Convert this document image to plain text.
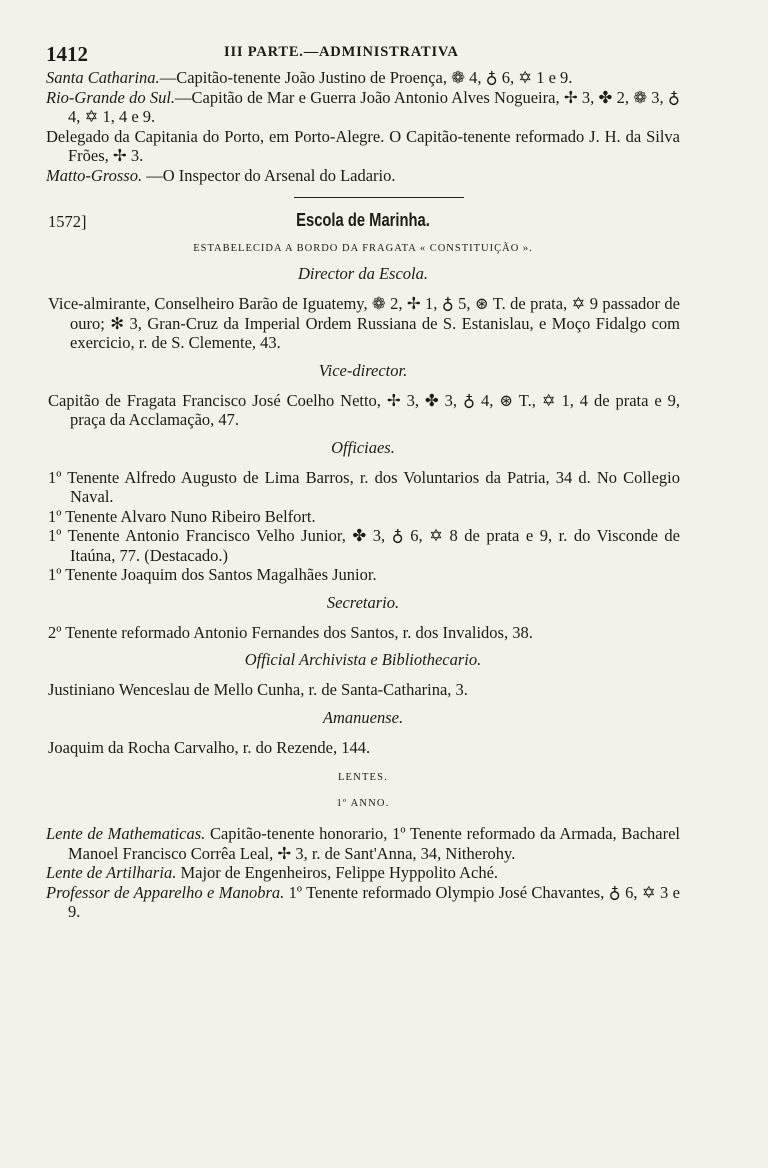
1412	III PARTE.—ADMINISTRATIVA

Santa Catharina.—Capitão-tenente João Justino de Proença, ❁ 4, ♁ 6, ✡ 1 e 9.

Rio-Grande do Sul.—Capitão de Mar e Guerra João Antonio Alves Nogueira, ✢ 3, ✤ 2, ❁ 3, ♁ 4, ✡ 1, 4 e 9.

Delegado da Capitania do Porto, em Porto-Alegre. O Capitão-tenente reformado J. H. da Silva Frões, ✢ 3.

Matto-Grosso. —O Inspector do Arsenal do Ladario.

1572]	Escola de Marinha.
ESTABELECIDA A BORDO DA FRAGATA « CONSTITUIÇÃO ».
Director da Escola.

Vice-almirante, Conselheiro Barão de Iguatemy, ❁ 2, ✢ 1, ♁ 5, ⊛ T. de prata, ✡ 9 passador de ouro; ✻ 3, Gran-Cruz da Imperial Ordem Russiana de S. Estanislau, e Moço Fidalgo com exercicio, r. de S. Clemente, 43.

Vice-director.

Capitão de Fragata Francisco José Coelho Netto, ✢ 3, ✤ 3, ♁ 4, ⊛ T., ✡ 1, 4 de prata e 9, praça da Acclamação, 47.

Officiaes.

1º Tenente Alfredo Augusto de Lima Barros, r. dos Voluntarios da Patria, 34 d. No Collegio Naval.

1º Tenente Alvaro Nuno Ribeiro Belfort.

1º Tenente Antonio Francisco Velho Junior, ✤ 3, ♁ 6, ✡ 8 de prata e 9, r. do Visconde de Itaúna, 77. (Destacado.)

1º Tenente Joaquim dos Santos Magalhães Junior.

Secretario.

2º Tenente reformado Antonio Fernandes dos Santos, r. dos Invalidos, 38.

Official Archivista e Bibliothecario.

Justiniano Wenceslau de Mello Cunha, r. de Santa-Catharina, 3.

Amanuense.

Joaquim da Rocha Carvalho, r. do Rezende, 144.

LENTES.
1º ANNO.

Lente de Mathematicas. Capitão-tenente honorario, 1º Tenente reformado da Armada, Bacharel Manoel Francisco Corrêa Leal, ✢ 3, r. de Sant'Anna, 34, Nitherohy.

Lente de Artilharia. Major de Engenheiros, Felippe Hyppolito Aché.

Professor de Apparelho e Manobra. 1º Tenente reformado Olympio José Chavantes, ♁ 6, ✡ 3 e 9.
